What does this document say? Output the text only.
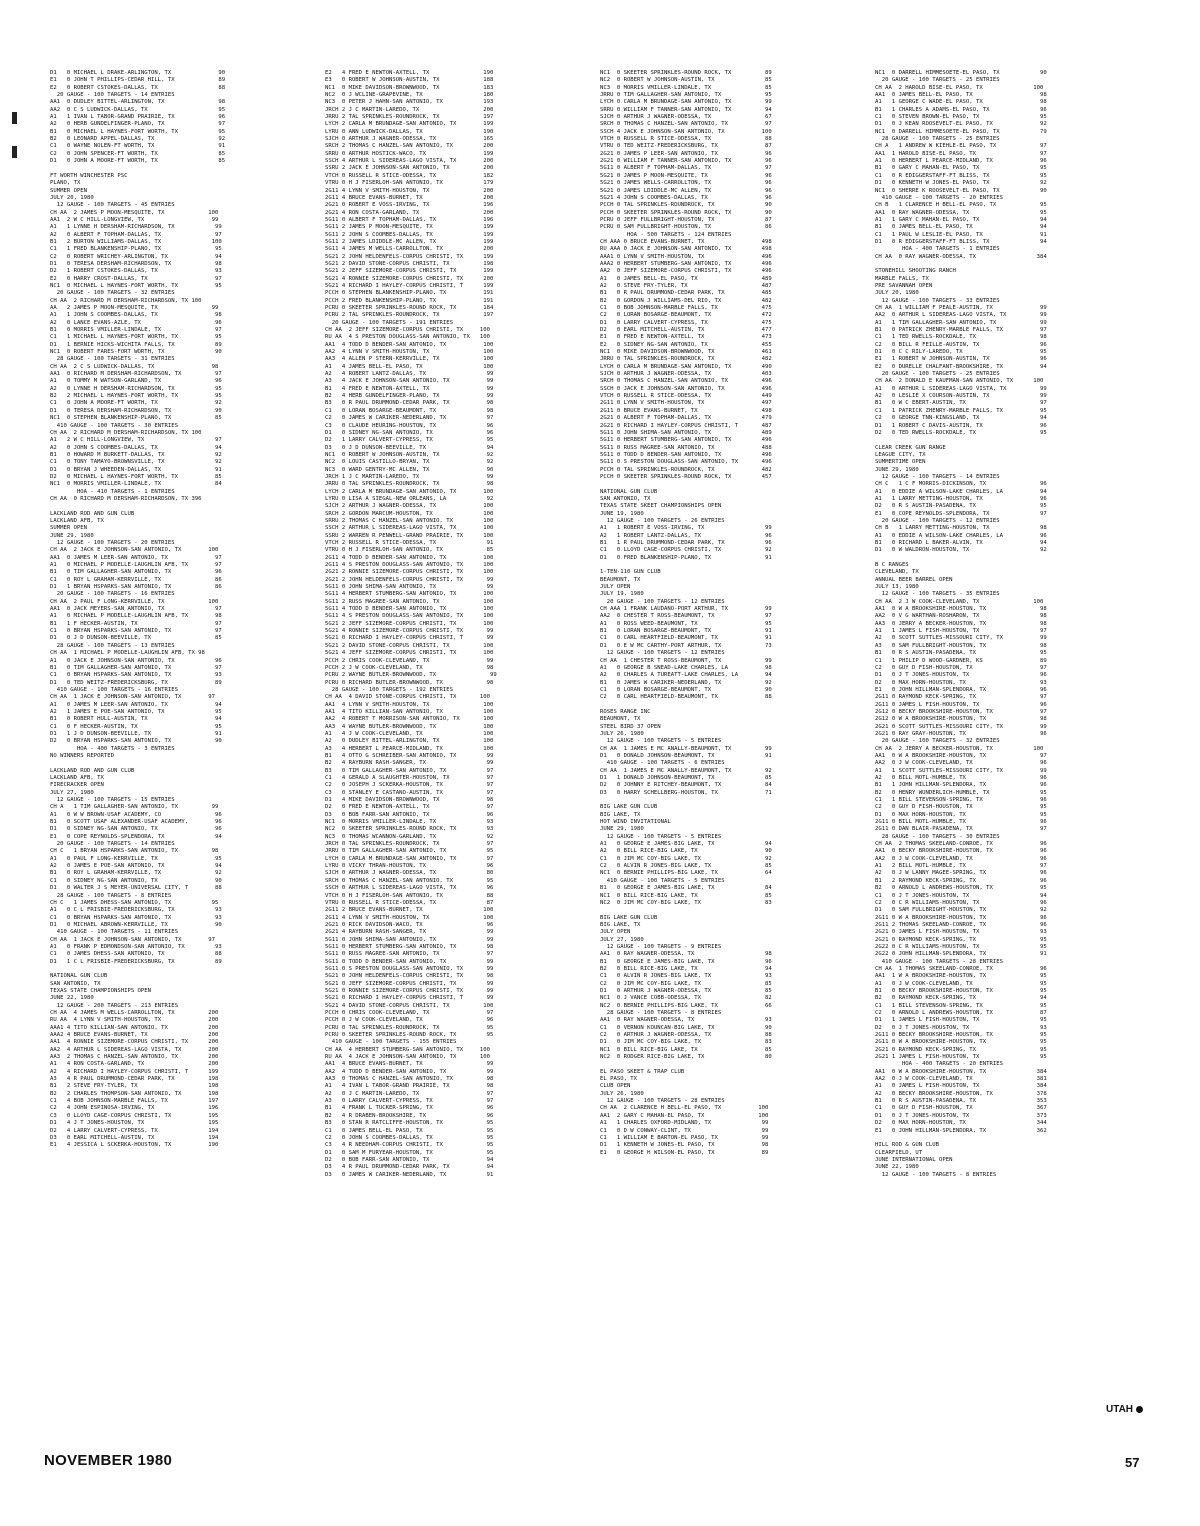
D1   0 MICHAEL L DRAKE-ARLINGTON, TX              90
E1   0 JOHN T PHILLIPS-CEDAR HILL, TX             89
E2   0 ROBERT CSTOKES-DALLAS, TX                  88
20 GAUGE - 100 TARGETS - 14 ENTRIES
AA1  0 DUDLEY BITTEL-ARLINGTON, TX                98
AA2  0 C S LUDWICK-DALLAS, TX                     95
A1   1 IVAN L TABOR-GRAND PRAIRIE, TX             96
A2   0 HERB GUNDELFINGER-PLANO, TX                97
B1   0 MICHAEL L HAYNES-FORT WORTH, TX            95
B2   0 LEONARD APPEL-DALLAS, TX                   92
C1   0 WAYNE NOLEN-FT WORTH, TX                   91
C2   0 JOHN SPENCER-FT WORTH, TX                  85
D1   0 JOHN A MOORE-FT WORTH, TX                  85

FT WORTH WINCHESTER PSC
PLANO, TX
SUMMER OPEN
JULY 20, 1980
12 GAUGE - 100 TARGETS - 45 ENTRIES
CH AA  2 JAMES P MOON-MESQUITE, TX             100
AA1  2 W C HILL-LONGVIEW, TX                    99
A1   1 LYNNE H DERSHAM-RICHARDSON, TX            99
A2   0 ALBERT F TOPHAM-DALLAS, TX                97
B1   2 BURTON WILLIAMS-DALLAS, TX               100
C1   1 FRED BLANKENSHIP-PLANO, TX                95
C2   0 ROBERT WRICHEY-ARLINGTON, TX              94
D1   0 TERESA DERSHAM-RICHARDSON, TX             98
D2   1 ROBERT CSTOKES-DALLAS, TX                 93
E2   0 HARRY CROST-DALLAS, TX                    97
NC1  0 MICHAEL L HAYNES-FORT WORTH, TX           95
20 GAUGE - 100 TARGETS - 32 ENTRIES
CH AA  2 RICHARD M DERSHAM-RICHARDSON, TX 100
AA   2 JAMES P MOON-MESQUITE, TX                99
A1   1 JOHN S COOMBES-DALLAS, TX                 98
A2   0 LANCE EVANS-AZLE, TX                      96
B1   0 MORRIS VMILLER-LINDALE, TX                97
C1   1 MICHAEL L HAYNES-FORT WORTH, TX           95
D1   1 BERNIE HICKS-WICHITA FALLS, TX            89
NC1  0 ROBERT FARES-FORT WORTH, TX               90
28 GAUGE - 100 TARGETS - 31 ENTRIES
CH AA  2 C S LUDWICK-DALLAS, TX                 98
AA1  0 RICHARD M DERSHAM-RICHARDSON, TX          97
A1   0 TOMMY M WATSON-GARLAND, TX                96
A2   0 LYNNE H DERSHAM-RICHARDSON, TX            95
B2   2 MICHAEL L HAYNES-FORT WORTH, TX           95
C1   0 JOHN A MOORE-FT WORTH, TX                 92
D1   0 TERESA DERSHAM-RICHARDSON, TX             90
NC1  0 STEPHEN BLANKENSHIP-PLANO, TX             85
410 GAUGE - 100 TARGETS - 30 ENTRIES
CH AA  2 RICHARD M DERSHAM-RICHARDSON, TX 100
A1   2 W C HILL-LONGVIEW, TX                     97
A2   0 JOHN S COOMBES-DALLAS, TX                 94
B1   0 HOWARD M BURKETT-DALLAS, TX               92
C1   0 TONY TAMAYO-BROWNSVILLE, TX               92
D1   0 BRYAN J WHEEDEN-DALLAS, TX                91
D2   0 MICHAEL L HAYNES-FORT WORTH, TX           85
NC1  0 MORRIS VMILLER-LINDALE, TX                84
HOA - 410 TARGETS - 1 ENTRIES
CH AA  0 RICHARD M DERSHAM-RICHARDSON, TX 396

LACKLAND ROD AND GUN CLUB
LACKLAND AFB, TX
SUMMER OPEN
JUNE 29, 1980
12 GAUGE - 100 TARGETS - 20 ENTRIES
CH AA  2 JACK E JOHNSON-SAN ANTONIO, TX        100
AA1  0 JAMES M LEER-SAN ANTONIO, TX              97
A1   0 MICHAEL P MODELLE-LAUGHLIN AFB, TX        97
B1   0 TIM GALLAGHER-SAN ANTONIO, TX             96
C1   0 ROY L GRAHAM-KERRVILLE, TX                86
D1   1 BRYAN HSPARKS-SAN ANTONIO, TX             86
20 GAUGE - 100 TARGETS - 16 ENTRIES
CH AA  2 PAUL F LONG-KERRVILLE, TX             100
AA1  0 JACK MEYERS-SAN ANTONIO, TX               97
A1   0 MICHAEL P MODELLE-LAUGHLIN AFB, TX        98
B1   1 F HECKER-AUSTIN, TX                       97
C1   0 BRYAN HSPARKS-SAN ANTONIO, TX             97
D1   0 J D DUNSON-BEEVILLE, TX                   85
28 GAUGE - 100 TARGETS - 13 ENTRIES
CH AA  1 MICHAEL P MODELLE-LAUGHLIN AFB, TX 98
A1   0 JACK E JOHNSON-SAN ANTONIO, TX            96
B1   0 TIM GALLAGHER-SAN ANTONIO, TX             97
C1   0 BRYAN HSPARKS-SAN ANTONIO, TX             93
D1   0 TED WEITZ-FREDERICKSBURG, TX              89
410 GAUGE - 100 TARGETS - 16 ENTRIES
CH AA  1 JACK E JOHNSON-SAN ANTONIO, TX        97
A1   0 JAMES M LEER-SAN ANTONIO, TX              94
A2   1 JAMES E POE-SAN ANTONIO, TX               95
B1   0 ROBERT HULL-AUSTIN, TX                    94
C1   0 F HECKER-AUSTIN, TX                       95
D1   1 J D DUNSON-BEEVILLE, TX                   91
D2   0 BRYAN HSPARKS-SAN ANTONIO, TX             90
HOA - 400 TARGETS - 3 ENTRIES
NO WINNERS REPORTED

LACKLAND ROD AND GUN CLUB
LACKLAND AFB, TX
FIRECRACKER OPEN
JULY 27, 1980
12 GAUGE - 100 TARGETS - 15 ENTRIES
CH A   1 TIM GALLAGHER-SAN ANTONIO, TX          99
A1   0 W W BROWN-USAF ACADEMY, CO                96
B1   0 SCOTT USAF ALEXANDER-USAF ACADEMY,        96
D1   0 SIDNEY NG-SAN ANTONIO, TX                 96
E1   0 COPE REYNOLDS-SPLENDORA, TX               94
20 GAUGE - 100 TARGETS - 14 ENTRIES
CH C   1 BRYAN HSPARKS-SAN ANTONIO, TX          98
A1   0 PAUL F LONG-KERRVILLE, TX                 95
A2   0 JAMES E POE-SAN ANTONIO, TX               94
B1   0 ROY L GRAHAM-KERRVILLE, TX                92
C1   0 SIDNEY NG-SAN ANTONIO, TX                 90
D1   0 WALTER J S MEYER-UNIVERSAL CITY, T        88
28 GAUGE - 100 TARGETS - 8 ENTRIES
CH C   1 JAMES DHESS-SAN ANTONIO, TX            95
A1   0 C L FRISBIE-FREDERICKSBURG, TX            93
C1   0 BRYAN HSPARKS-SAN ANTONIO, TX             93
D1   0 MICHAEL ABROWN-KERRVILLE, TX              90
410 GAUGE - 100 TARGETS - 11 ENTRIES
CH AA  1 JACK E JOHNSON-SAN ANTONIO, TX        97
A1   0 FRANK P EDMONDSON-SAN ANTONIO, TX         93
C1   0 JAMES DHESS-SAN ANTONIO, TX               88
D1   1 C L FRISBIE-FREDERICKSBURG, TX            89

NATIONAL GUN CLUB
SAN ANTONIO, TX
TEXAS STATE CHAMPIONSHIPS OPEN
JUNE 22, 1980
12 GAUGE - 200 TARGETS - 213 ENTRIES
CH AA  4 JAMES M WELLS-CARROLLTON, TX          200
RU AA  4 LYNN V SMITH-HOUSTON, TX              200
AAA1 4 TITO KILLIAN-SAN ANTONIO, TX            200
AAA2 4 BRUCE EVANS-BURNET, TX                  200
AA1  4 RONNIE SIZEMORE-CORPUS CHRISTI, TX      200
AA2  4 ARTHUR L SIDEREAS-LAGO VISTA, TX        200
AA3  2 THOMAS C HANZEL-SAN ANTONIO, TX         200
A1   4 RON COSTA-GARLAND, TX                   200
A2   4 RICHARD I HAYLEY-CORPUS CHRISTI, T      199
A3   4 R PAUL DRUMMOND-CEDAR PARK, TX          198
B1   2 STEVE FRY-TYLER, TX                     198
B2   2 CHARLES THOMPSON-SAN ANTONIO, TX        198
C1   4 BOB JOHNSON-MARBLE FALLS, TX            197
C2   4 JOHN ESPINOSA-IRVING, TX                196
C3   0 LLOYD CAGE-CORPUS CHRISTI, TX           195
D1   4 J T JONES-HOUSTON, TX                   195
D2   4 LARRY CALVERT-CYPRESS, TX               194
D3   0 EARL MITCHELL-AUSTIN, TX                194
E1   4 JESSICA L SCKERKA-HOUSTON, TX           190
E2   4 FRED E NEWTON-AXTELL, TX                190
E3   0 ROBERT W JOHNSON-AUSTIN, TX             188
NC1  0 MIKE DAVIDSON-BROWNWOOD, TX             183
NC2  0 J WCLINE-GRAPEVINE, TX                  180
NC3  0 PETER J HAHN-SAN ANTONIO, TX            193
JRCH 2 J C MARTIN-LAREDO, TX                   200
JRRU 2 TAL SPRINKLES-ROUNDROCK, TX             197
LYCH 2 CARLA M BRUNDAGE-SAN ANTONIO, TX        199
LYRU 0 ANN LUDWICK-DALLAS, TX                  190
SJCH 0 ARTHUR J WAGNER-ODESSA, TX              165
SRCH 2 THOMAS C HANZEL-SAN ANTONIO, TX         200
SRRU 0 ARTHUR HOSTICK-WACO, TX                 199
SSCH 4 ARTHUR L SIDEREAS-LAGO VISTA, TX        200
SSRU 2 JACK E JOHNSON-SAN ANTONIO, TX          200
VTCH 0 RUSSELL R STICE-ODESSA, TX              182
VTRU 0 H J FISERLOH-SAN ANTONIO, TX            179
2G11 4 LYNN V SMITH-HOUSTON, TX                200
2G11 4 BRUCE EVANS-BURNET, TX                  200
2G21 0 ROBERT E VOSS-IRVING, TX                196
2G21 4 RON COSTA-GARLAND, TX                   200
5G11 0 ALBERT F TOPHAM-DALLAS, TX              196
5G11 2 JAMES P MOON-MESQUITE, TX               199
5G11 2 JOHN S COOMBES-DALLAS, TX               199
5G11 2 JAMES LDIDDLE-MC ALLEN, TX              199
5G11 4 JAMES M WELLS-CARROLLTON, TX            200
5G21 2 JOHN HELDENFELS-CORPUS CHRISTI, TX      199
5G21 2 DAVID STONE-CORPUS CHRISTI, TX          198
5G21 2 JEFF SIZEMORE-CORPUS CHRISTI, TX        199
5G21 4 RONNIE SIZEMORE-CORPUS CHRISTI, TX      200
5G21 4 RICHARD I HAYLEY-CORPUS CHRISTI, T      199
PCCH 0 STEPHEN BLANKENSHIP-PLANO, TX           191
PCCH 2 FRED BLANKENSHIP-PLANO, TX              191
PCRU 0 SKEETER SPRINKLES-ROUND ROCK, TX        184
PCRU 2 TAL SPRINKLES-ROUNDROCK, TX             197
20 GAUGE - 100 TARGETS - 191 ENTRIES
CH AA  2 JEFF SIZEMORE-CORPUS CHRISTI, TX     100
RU AA  4 S PRESTON DOUGLASS-SAN ANTONIO, TX   100
AA1  4 TODD D BENDER-SAN ANTONIO, TX           100
AA2  4 LYNN V SMITH-HOUSTON, TX                100
AA3  4 ALLEN P STERN-KERRVILLE, TX             100
A1   4 JAMES BELL-EL PASO, TX                  100
A2   4 ROBERT LANTZ-DALLAS, TX                  99
A3   4 JACK E JOHNSON-SAN ANTONIO, TX           99
B1   4 FRED E NEWTON-AXTELL, TX                 99
B2   4 HERB GUNDELFINGER-PLANO, TX              99
B3   0 R PAUL DRUMMOND-CEDAR PARK, TX           98
C1   0 LORAN BOSARGE-BEAUMONT, TX               98
C2   0 JAMES W CARIKER-NEDERLAND, TX            97
C3   0 CLAUDE HEURING-HOUSTON, TX               96
D1   0 SIDNEY NG-SAN ANTONIO, TX                96
D2   1 LARRY CALVERT-CYPRESS, TX                95
D3   0 J D DUNSON-BEEVILLE, TX                  94
NC1  0 ROBERT W JOHNSON-AUSTIN, TX              92
NC2  0 LOUIS CASTILLO-BRYAN, TX                 92
NC3  0 WARD GENTRY-MC ALLEN, TX                 90
JRCH 1 J C MARTIN-LAREDO, TX                    99
JRRU 0 TAL SPRINKLES-ROUNDROCK, TX              98
LYCH 2 CARLA M BRUNDAGE-SAN ANTONIO, TX        100
LYRU 0 LISA A SIEGAL-NEW ORLEANS, LA            92
SJCH 2 ARTHUR J WAGNER-ODESSA, TX              100
SRCH 2 GORDON MARCUM-HOUSTON, TX               100
SRRU 2 THOMAS C HANZEL-SAN ANTONIO, TX         100
SSCH 2 ARTHUR L SIDEREAS-LAGO VISTA, TX        100
SSRU 2 WARREN R PENWELL-GRAND PRAIRIE, TX      100
VTCH 2 RUSSELL R STICE-ODESSA, TX               91
VTRU 0 H J FISERLOH-SAN ANTONIO, TX             85
2G11 4 TODD D BENDER-SAN ANTONIO, TX           100
2G11 4 S PRESTON DOUGLASS-SAN ANTONIO, TX      100
2G21 2 RONNIE SIZEMORE-CORPUS CHRISTI, TX      100
2G21 2 JOHN HELDENFELS-CORPUS CHRISTI, TX       99
5G11 0 JOHN SHIMA-SAN ANTONIO, TX               99
5G11 4 HERBERT STUMBERG-SAN ANTONIO, TX        100
5G11 2 RUSS MAGREE-SAN ANTONIO, TX             100
5G11 4 TODD D BENDER-SAN ANTONIO, TX           100
5G11 4 S PRESTON DOUGLASS-SAN ANTONIO, TX      100
5G21 2 JEFF SIZEMORE-CORPUS CHRISTI, TX        100
5G21 4 RONNIE SIZEMORE-CORPUS CHRISTI, TX       99
5G21 0 RICHARD I HAYLEY-CORPUS CHRISTI, T       99
5G21 2 DAVID STONE-CORPUS CHRISTI, TX          100
5G21 4 JEFF SIZEMORE-CORPUS CHRISTI, TX        100
PCCH 2 CHRIS COOK-CLEVELAND, TX                 99
PCCH 2 J W COOK-CLEVELAND, TX                   98
PCRU 2 WAYNE BUTLER-BROWNWOOD, TX                99
PCRU 0 RICHARD BUTLER-BROWNWOOD, TX             98
28 GAUGE - 100 TARGETS - 192 ENTRIES
CH AA  4 DAVID STONE-CORPUS CHRISTI, TX       100
AA1  4 LYNN V SMITH-HOUSTON, TX                100
AA1  4 TITO KILLIAN-SAN ANTONIO, TX            100
AA2  4 ROBERT T MORRISON-SAN ANTONIO, TX       100
AA3  4 WAYNE BUTLER-BROWNWOOD, TX              100
A1   4 J W COOK-CLEVELAND, TX                  100
A2   0 DUDLEY BITTEL-ARLINGTON, TX             100
A3   4 HERBERT L PEARCE-MIDLAND, TX            100
B1   4 OTTO G SCHREIBER-SAN ANTONIO, TX         99
B2   4 RAYBURN RASH-SANGER, TX                  99
B3   0 TIM GALLAGHER-SAN ANTONIO, TX            97
C1   4 GERALD A SLAUGHTER-HOUSTON, TX           97
C2   0 JOSEPH J SCKERKA-HOUSTON, TX             97
C3   0 STANLEY E CASTANO-AUSTIN, TX             97
D1   4 MIKE DAVIDSON-BROWNWOOD, TX              98
D2   0 FRED E NEWTON-AXTELL, TX                 97
D3   0 BOB FARR-SAN ANTONIO, TX                 96
NC1  0 MORRIS VMILLER-LINDALE, TX               93
NC2  0 SKEETER SPRINKLES-ROUND ROCK, TX         93
NC3  0 THOMAS WCANNON-GARLAND, TX               92
JRCH 0 TAL SPRINKLES-ROUNDROCK, TX              97
JRRU 0 TIM GALLAGHER-SAN ANTONIO, TX            95
LYCH 0 CARLA M BRUNDAGE-SAN ANTONIO, TX         97
LYRU 0 VICKY THRAN-HOUSTON, TX                  96
SJCH 0 ARTHUR J WAGNER-ODESSA, TX               80
SRCH 0 THOMAS C HANZEL-SAN ANTONIO, TX          95
SSCH 0 ARTHUR L SIDEREAS-LAGO VISTA, TX         96
VTCH 0 H J FISERLOH-SAN ANTONIO, TX             88
VTRU 0 RUSSELL R STICE-ODESSA, TX               87
2G11 2 BRUCE EVANS-BURNET, TX                  100
2G11 4 LYNN V SMITH-HOUSTON, TX                100
2G21 0 RICK DAVIDSON-WACO, TX                   96
2G21 4 RAYBURN RASH-SANGER, TX                  99
5G11 0 JOHN SHIMA-SAN ANTONIO, TX               99
5G11 0 HERBERT STUMBERG-SAN ANTONIO, TX         98
5G11 0 RUSS MAGREE-SAN ANTONIO, TX              97
5G11 0 TODD D BENDER-SAN ANTONIO, TX            99
5G11 0 S PRESTON DOUGLASS-SAN ANTONIO, TX       99
5G21 0 JOHN HELDENFELS-CORPUS CHRISTI, TX       98
5G21 0 JEFF SIZEMORE-CORPUS CHRISTI, TX         99
5G21 0 RONNIE SIZEMORE-CORPUS CHRISTI, TX       99
5G21 0 RICHARD I HAYLEY-CORPUS CHRISTI, T       99
5G21 4 DAVID STONE-CORPUS CHRISTI, TX          100
PCCH 0 CHRIS COOK-CLEVELAND, TX                 97
PCCH 0 J W COOK-CLEVELAND, TX                   96
PCRU 0 TAL SPRINKLES-ROUNDROCK, TX              95
PCRU 0 SKEETER SPRINKLES-ROUND ROCK, TX         95
410 GAUGE - 100 TARGETS - 155 ENTRIES
CH AA  4 HERBERT STUMBERG-SAN ANTONIO, TX     100
RU AA  4 JACK E JOHNSON-SAN ANTONIO, TX       100
AA1  4 BRUCE EVANS-BURNET, TX                   99
AA2  4 TODD D BENDER-SAN ANTONIO, TX            99
AA3  0 THOMAS C HANZEL-SAN ANTONIO, TX          98
A1   4 IVAN L TABOR-GRAND PRAIRIE, TX           98
A2   0 J C MARTIN-LAREDO, TX                    97
A3   0 LARRY CALVERT-CYPRESS, TX                97
B1   4 FRANK L TUCKER-SPRING, TX                96
B2   4 R DRABEN-BROOKSHIRE, TX                  96
B3   0 STAN R RATCLIFFE-HOUSTON, TX             95
C1   0 JAMES BELL-EL PASO, TX                   95
C2   0 JOHN S COOMBES-DALLAS, TX                95
C3   4 R NEEDHAM-CORPUS CHRISTI, TX             95
D1   0 SAM M FURYEAR-HOUSTON, TX                95
D2   0 BOB FARR-SAN ANTONIO, TX                 94
D3   4 R PAUL DRUMMOND-CEDAR PARK, TX           94
D3   0 JAMES W CARIKER-NEDERLAND, TX            91
NC1  0 SKEETER SPRINKLES-ROUND ROCK, TX          89
NC2  0 ROBERT W JOHNSON-AUSTIN, TX               85
NC3  0 MORRIS VMILLER-LINDALE, TX                85
JRRU 0 TIM GALLAGHER-SAN ANTONIO, TX             95
LYCH 0 CARLA M BRUNDAGE-SAN ANTONIO, TX          99
SRRU 0 WILLIAM F TANNER-SAN ANTONIO, TX          94
SJCH 0 ARTHUR J WAGNER-ODESSA, TX                67
SRCH 0 THOMAS C HANZEL-SAN ANTONIO, TX           97
SSCH 4 JACK E JOHNSON-SAN ANTONIO, TX           100
VTCH 0 RUSSELL R STICE-ODESSA, TX                88
VTRU 0 TED WEITZ-FREDERICKSBURG, TX              87
2G21 0 JAMES P LEER-SAN ANTONIO, TX              96
2G21 0 WILLIAM F TANNER-SAN ANTONIO, TX          96
5G11 0 ALBERT F TOPHAM-DALLAS, TX                97
5G21 0 JAMES P MOON-MESQUITE, TX                 96
5G21 0 JAMES WELLS-CARROLLTON, TX                96
5G21 0 JAMES LDIDDLE-MC ALLEN, TX                96
5G21 4 JOHN S COOMBES-DALLAS, TX                 96
PCCH 0 TAL SPRINKLES-ROUNDROCK, TX               90
PCCH 0 SKEETER SPRINKLES-ROUND ROCK, TX          90
PCRU 0 JEFF FULLBRIGHT-HOUSTON, TX               87
PCRU 0 SAM FULLBRIGHT-HOUSTON, TX                86
HOA - 500 TARGETS - 124 ENTRIES
CH AAA 0 BRUCE EVANS-BURNET, TX                 498
RU AAA 0 JACK E JOHNSON-SAN ANTONIO, TX         498
AAA1 0 LYNN V SMITH-HOUSTON, TX                 496
AAA2 0 HERBERT STUMBERG-SAN ANTONIO, TX         496
AA2  0 JEFF SIZEMORE-CORPUS CHRISTI, TX         496
A1   0 JAMES BELL-EL PASO, TX                   489
A2   0 STEVE FRY-TYLER, TX                      487
B1   0 R PAUL DRUMMOND-CEDAR PARK, TX           485
B2   0 GORDON J WILLIAMS-DEL RIO, TX            482
C1   0 BOB JOHNSON-MARBLE FALLS, TX             475
C2   0 LORAN BOSARGE-BEAUMONT, TX               472
D1   0 LARRY CALVERT-CYPRESS, TX                475
D2   0 EARL MITCHELL-AUSTIN, TX                 477
E1   0 FRED E NEWTON-AXTELL, TX                 473
E2   0 SIDNEY NG-SAN ANTONIO, TX                455
NC1  0 MIKE DAVIDSON-BROWNWOOD, TX              461
JRRU 0 TAL SPRINKLES-ROUNDROCK, TX              482
LYCH 0 CARLA M BRUNDAGE-SAN ANTONIO, TX         490
SJCH 0 ARTHUR J WAGNER-ODESSA, TX               403
SRCH 0 THOMAS C HANZEL-SAN ANTONIO, TX          496
SSCH 0 JACK E JOHNSON-SAN ANTONIO, TX           496
VTCH 0 RUSSELL R STICE-ODESSA, TX               449
2G11 0 LYNN V SMITH-HOUSTON, TX                 497
2G11 0 BRUCE EVANS-BURNET, TX                   498
2G21 0 ALBERT F TOPHAM-DALLAS, TX               479
2G21 0 RICHARD I HAYLEY-CORPUS CHRISTI, T       487
5G11 0 JOHN SHIMA-SAN ANTONIO, TX               489
5G11 0 HERBERT STUMBERG-SAN ANTONIO, TX         496
5G11 0 RUSS MAGREE-SAN ANTONIO, TX              488
5G11 0 TODD D BENDER-SAN ANTONIO, TX            496
5G11 0 S PRESTON DOUGLASS-SAN ANTONIO, TX       496
PCCH 0 TAL SPRINKLES-ROUNDROCK, TX              482
PCCH 0 SKEETER SPRINKLES-ROUND ROCK, TX         457

NATIONAL GUN CLUB
SAN ANTONIO, TX
TEXAS STATE SKEET CHAMPIONSHIPS OPEN
JUNE 19, 1980
12 GAUGE - 100 TARGETS - 26 ENTRIES
A1   1 ROBERT E VOSS-IRVING, TX                  99
A2   1 ROBERT LANTZ-DALLAS, TX                   96
B1   1 R PAUL DRUMMOND-CEDAR PARK, TX            96
C1   0 LLOYD CAGE-CORPUS CHRISTI, TX             92
D1   0 FRED BLANKENSHIP-PLANO, TX                91

1-TEN-110 GUN CLUB
BEAUMONT, TX
JULY OPEN
JULY 19, 1980
20 GAUGE - 100 TARGETS - 12 ENTRIES
CH AAA 1 FRANK LAUDANO-PORT ARTHUR, TX           99
AA2  0 CHESTER T ROSS-BEAUMONT, TX               97
A1   0 ROSS WEED-BEAUMONT, TX                    95
B1   0 LORAN BOSARGE-BEAUMONT, TX                91
C1   0 CARL HEARTFIELD-BEAUMONT, TX              91
D1   0 E W MC CARTHY-PORT ARTHUR, TX             73
12 GAUGE - 100 TARGETS - 12 ENTRIES
CH AA  1 CHESTER T ROSS-BEAUMONT, TX             99
A1   0 GEORGE B SNEAD-LAKE CHARLES, LA           98
A2   0 CHARLES A TUREATT-LAKE CHARLES, LA        94
B1   0 JAMES W CARIKER-NEDERLAND, TX             92
C1   0 LORAN BOSARGE-BEAUMONT, TX                90
C2   0 CARL HEARTFIELD-BEAUMONT, TX              88

ROSES RANGE INC
BEAUMONT, TX
STEEL BIRD 37 OPEN
JULY 26, 1980
12 GAUGE - 100 TARGETS - 5 ENTRIES
CH AA  1 JAMES E MC ANALLY-BEAUMONT, TX          99
D1   0 DONALD JOHNSON-BEAUMONT, TX               91
410 GAUGE - 100 TARGETS - 6 ENTRIES
CH AA  1 JAMES E MC ANALLY-BEAUMONT, TX          92
D1   1 DONALD JOHNSON-BEAUMONT, TX               85
D2   0 JOHNNY E RITCHEY-BEAUMONT, TX             84
D3   0 HARRY SCHELLBERG-HOUSTON, TX              71

BIG LAKE GUN CLUB
BIG LAKE, TX
HOT WIND INVITATIONAL
JUNE 29, 1980
12 GAUGE - 100 TARGETS - 5 ENTRIES
A1   0 GEORGE E JAMES-BIG LAKE, TX               94
A2   0 BILL RICE-BIG LAKE, TX                    90
C1   0 JIM MC COY-BIG LAKE, TX                   92
C2   0 ALVIN R JONES-BIG LAKE, TX                85
NC1  0 BERNIE PHILLIPS-BIG LAKE, TX              64
410 GAUGE - 100 TARGETS - 5 ENTRIES
B1   0 GEORGE E JAMES-BIG LAKE, TX               84
NC1  0 BILL RICE-BIG LAKE, TX                    85
NC2  0 JIM MC COY-BIG LAKE, TX                   83

BIG LAKE GUN CLUB
BIG LAKE, TX
JULY OPEN
JULY 27, 1980
12 GAUGE - 100 TARGETS - 9 ENTRIES
AA1  0 RAY WAGNER-ODESSA, TX                     98
B1   0 GEORGE E JAMES-BIG LAKE, TX               96
B2   0 BILL RICE-BIG LAKE, TX                    94
C1   0 ALVIN R JONES-BIG LAKE, TX                93
C2   0 JIM MC COY-BIG LAKE, TX                   85
D1   0 ARTHUR J WAGNER-ODESSA, TX                85
NC1  0 J VANCE COBB-ODESSA, TX                   82
NC2  0 BERNIE PHILLIPS-BIG LAKE, TX              66
28 GAUGE - 100 TARGETS - 8 ENTRIES
AA1  0 RAY WAGNER-ODESSA, TX                     93
C1   0 VERNON KOUNCAN-BIG LAKE, TX               90
C2   0 ARTHUR J WAGNER-ODESSA, TX                88
D1   0 JIM MC COY-BIG LAKE, TX                   83
NC1  0 BILL RICE-BIG LAKE, TX                    85
NC2  0 RODGER RICE-BIG LAKE, TX                  80

EL PASO SKEET & TRAP CLUB
EL PASO, TX
CLUB OPEN
JULY 26, 1980
12 GAUGE - 100 TARGETS - 28 ENTRIES
CH AA  2 CLARENCE H BELL-EL PASO, TX           100
AA1  2 GARY C MAHAN-EL PASO, TX                100
A1   1 CHARLES OXFORD-MIDLAND, TX               99
C1   0 D W CONWAY-CLINT, TX                     99
C1   1 WILLIAM E BARTON-EL PASO, TX             99
D1   1 KENNETH W JONES-EL PASO, TX              98
E1   0 GEORGE H WILSON-EL PASO, TX              89
NC1  0 DARRELL HIMMESOETE-EL PASO, TX            90
20 GAUGE - 100 TARGETS - 25 ENTRIES
CH AA  2 HAROLD BISE-EL PASO, TX               100
AA1  0 JAMES BELL-EL PASO, TX                    98
A1   1 GEORGE C WADE-EL PASO, TX                 98
B1   1 CHARLES A ADAMS-EL PASO, TX               96
C1   0 STEVEN BROWN-EL PASO, TX                  95
D1   0 J KEAN ROOSEVELT-EL PASO, TX              92
NC1  0 DARRELL HIMMESOETE-EL PASO, TX            79
28 GAUGE - 100 TARGETS - 25 ENTRIES
CH A   1 ANDREW W KIEHLE-EL PASO, TX             97
AA1  1 HAROLD BISE-EL PASO, TX                   97
A1   0 HERBERT L PEARCE-MIDLAND, TX              96
B1   0 GARY C MAHAN-EL PASO, TX                  95
C1   0 R EDIGGERSTAFF-FT BLISS, TX               95
D1   0 KENNETH W JONES-EL PASO, TX               92
NC1  0 SHERRE K ROOSEVELT-EL PASO, TX            90
410 GAUGE - 100 TARGETS - 20 ENTRIES
CH B   1 CLARENCE H BELL-EL PASO, TX             95
AA1  0 RAY WAGNER-ODESSA, TX                     95
A1   1 GARY C MAHAN-EL PASO, TX                  94
B1   0 JAMES BELL-EL PASO, TX                    94
C1   1 PAUL W LESLIE-EL PASO, TX                 91
D1   0 R EDIGGERSTAFF-FT BLISS, TX               94
HOA - 400 TARGETS - 1 ENTRIES
CH AA  0 RAY WAGNER-ODESSA, TX                  384

STONEHILL SHOOTING RANCH
MARBLE FALLS, TX
PRE SAVANNAH OPEN
JULY 20, 1980
12 GAUGE - 100 TARGETS - 33 ENTRIES
CH AA  1 WILLIAM F PEALE-AUSTIN, TX              99
AA2  0 ARTHUR L SIDEREAS-LAGO VISTA, TX          99
A1   1 TIM GALLAGHER-SAN ANTONIO, TX             99
B1   0 PATRICK ZHENRY-MARBLE FALLS, TX           97
C1   1 TED RWELLS-ROCKDALE, TX                   98
C2   0 BILL R FEILLE-AUSTIN, TX                  96
D1   0 C C RILY-LAREDO, TX                       95
E1   1 ROBERT W JOHNSON-AUSTIN, TX               96
E2   0 DURELLE CHALFANT-BROOKSHIRE, TX           94
20 GAUGE - 100 TARGETS - 25 ENTRIES
CH AA  2 DONALD E KAUFMAN-SAN ANTONIO, TX      100
A1   0 ARTHUR L SIDEREAS-LAGO VISTA, TX          99
A2   0 LESLIE X COURSON-AUSTIN, TX               99
B1   0 W C EBERT-AUSTIN, TX                      97
C1   1 PATRICK ZHENRY-MARBLE FALLS, TX           95
C2   0 GEORGE TNN-KINGSLAND, TX                  94
D1   1 ROBERT C DAVIS-AUSTIN, TX                 96
D2   0 TED RWELLS-ROCKDALE, TX                   95

CLEAR CREEK GUN RANGE
LEAGUE CITY, TX
SUMMERTIME OPEN
JUNE 29, 1980
12 GAUGE - 100 TARGETS - 14 ENTRIES
CH C   1 C F MORRIS-DICKINSON, TX                96
A1   0 EDDIE A WILSON-LAKE CHARLES, LA           94
A1   1 LARRY METTING-HOUSTON, TX                 96
D2   0 R S AUSTIN-PASADENA, TX                   95
E1   0 COPE REYNOLDS-SPLENDORA, TX               97
20 GAUGE - 100 TARGETS - 12 ENTRIES
CH B   1 LARRY METTING-HOUSTON, TX               98
A1   0 EDDIE A WILSON-LAKE CHARLES, LA           96
B1   0 RICHARD L BAKER-ALVIN, TX                 94
D1   0 W WALDRON-HOUSTON, TX                     92

B C RANGES
CLEVELAND, TX
ANNUAL BEER BARREL OPEN
JULY 13, 1980
12 GAUGE - 100 TARGETS - 35 ENTRIES
CH AA  2 J W COOK-CLEVELAND, TX                100
AA1  0 W A BROOKSHIRE-HOUSTON, TX                98
AA2  0 V G WARTHAN-ROSHARON, TX                  98
AA3  0 JERRY A BECKER-HOUSTON, TX                98
A1   1 JAMES L FISH-HOUSTON, TX                  97
A2   0 SCOTT SUTTLES-MISSOURI CITY, TX           99
A3   0 SAM FULLBRIGHT-HOUSTON, TX                98
B1   0 R S AUSTIN-PASADENA, TX                   95
C1   1 PHILIP D WOOD-GARDNER, KS                 89
C2   0 GUY D FISH-HOUSTON, TX                    97
D1   0 J T JONES-HOUSTON, TX                     96
D2   0 MAX HORN-HOUSTON, TX                      93
E1   0 JOHN HILLMAN-SPLENDORA, TX                96
2G11 0 RAYMOND KECK-SPRING, TX                   97
2G11 0 JAMES L FISH-HOUSTON, TX                  96
2G12 0 BECKY BROOKSHIRE-HOUSTON, TX              97
2G12 0 W A BROOKSHIRE-HOUSTON, TX                98
2G21 0 SCOTT SUTTLES-MISSOURI CITY, TX           99
2G21 0 RAY GRAY-HOUSTON, TX                      96
20 GAUGE - 100 TARGETS - 32 ENTRIES
CH AA  2 JERRY A BECKER-HOUSTON, TX            100
AA1  0 W A BROOKSHIRE-HOUSTON, TX                97
AA2  0 J W COOK-CLEVELAND, TX                    96
A1   1 SCOTT SUTTLES-MISSOURI CITY, TX           99
A2   0 BILL MOTL-HUMBLE, TX                      96
B1   1 JOHN HILLMAN-SPLENDORA, TX                96
B2   0 HENRY WUNDERLICH-HUMBLE, TX               95
C1   1 BILL STEVENSON-SPRING, TX                 96
C2   0 GUY D FISH-HOUSTON, TX                    95
D1   0 MAX HORN-HOUSTON, TX                      95
2G11 0 BILL MOTL-HUMBLE, TX                      96
2G11 0 DAN BLAIR-PASADENA, TX                    97
28 GAUGE - 100 TARGETS - 30 ENTRIES
CH AA  2 THOMAS SKEELAND-CONROE, TX              96
AA1  0 BECKY BROOKSHIRE-HOUSTON, TX              96
AA2  0 J W COOK-CLEVELAND, TX                    96
A1   2 BILL MOTL-HUMBLE, TX                      97
A2   0 J W LANNY MAGEE-SPRING, TX                96
B1   2 RAYMOND KECK-SPRING, TX                   96
B2   0 ARNOLD L ANDREWS-HOUSTON, TX              95
C1   0 J T JONES-HOUSTON, TX                     94
C2   0 C R WILLIAMS-HOUSTON, TX                  96
D1   0 SAM FULLBRIGHT-HOUSTON, TX                92
2G11 0 W A BROOKSHIRE-HOUSTON, TX                96
2G11 2 THOMAS SKEELAND-CONROE, TX                96
2G21 0 JAMES L FISH-HOUSTON, TX                  93
2G21 0 RAYMOND KECK-SPRING, TX                   95
2G22 0 C R WILLIAMS-HOUSTON, TX                  95
2G22 0 JOHN HILLMAN-SPLENDORA, TX                91
410 GAUGE - 100 TARGETS - 28 ENTRIES
CH AA  1 THOMAS SKEELAND-CONROE, TX              96
AA1  1 W A BROOKSHIRE-HOUSTON, TX                95
A1   0 J W COOK-CLEVELAND, TX                    95
B1   0 BECKY BROOKSHIRE-HOUSTON, TX              95
B2   0 RAYMOND KECK-SPRING, TX                   94
C1   1 BILL STEVENSON-SPRING, TX                 95
C2   0 ARNOLD L ANDREWS-HOUSTON, TX              87
D1   1 JAMES L FISH-HOUSTON, TX                  95
D2   0 J T JONES-HOUSTON, TX                     93
2G11 0 BECKY BROOKSHIRE-HOUSTON, TX              95
2G11 0 W A BROOKSHIRE-HOUSTON, TX                95
2G21 0 RAYMOND KECK-SPRING, TX                   95
2G21 1 JAMES L FISH-HOUSTON, TX                  95
HOA - 400 TARGETS - 20 ENTRIES
AA1  0 W A BROOKSHIRE-HOUSTON, TX               384
AA2  0 J W COOK-CLEVELAND, TX                   381
A1   0 JAMES L FISH-HOUSTON, TX                 384
A2   0 BECKY BROOKSHIRE-HOUSTON, TX             378
B1   0 R S AUSTIN-PASADENA, TX                  353
C1   0 GUY D FISH-HOUSTON, TX                   367
D1   0 J T JONES-HOUSTON, TX                    373
D2   0 MAX HORN-HOUSTON, TX                     344
E1   0 JOHN HILLMAN-SPLENDORA, TX               362

HILL ROD & GUN CLUB
CLEARFIELD, UT
JUNE INTERNATIONAL OPEN
JUNE 22, 1980
12 GAUGE - 100 TARGETS - 8 ENTRIES
UTAH
NOVEMBER 1980	57
